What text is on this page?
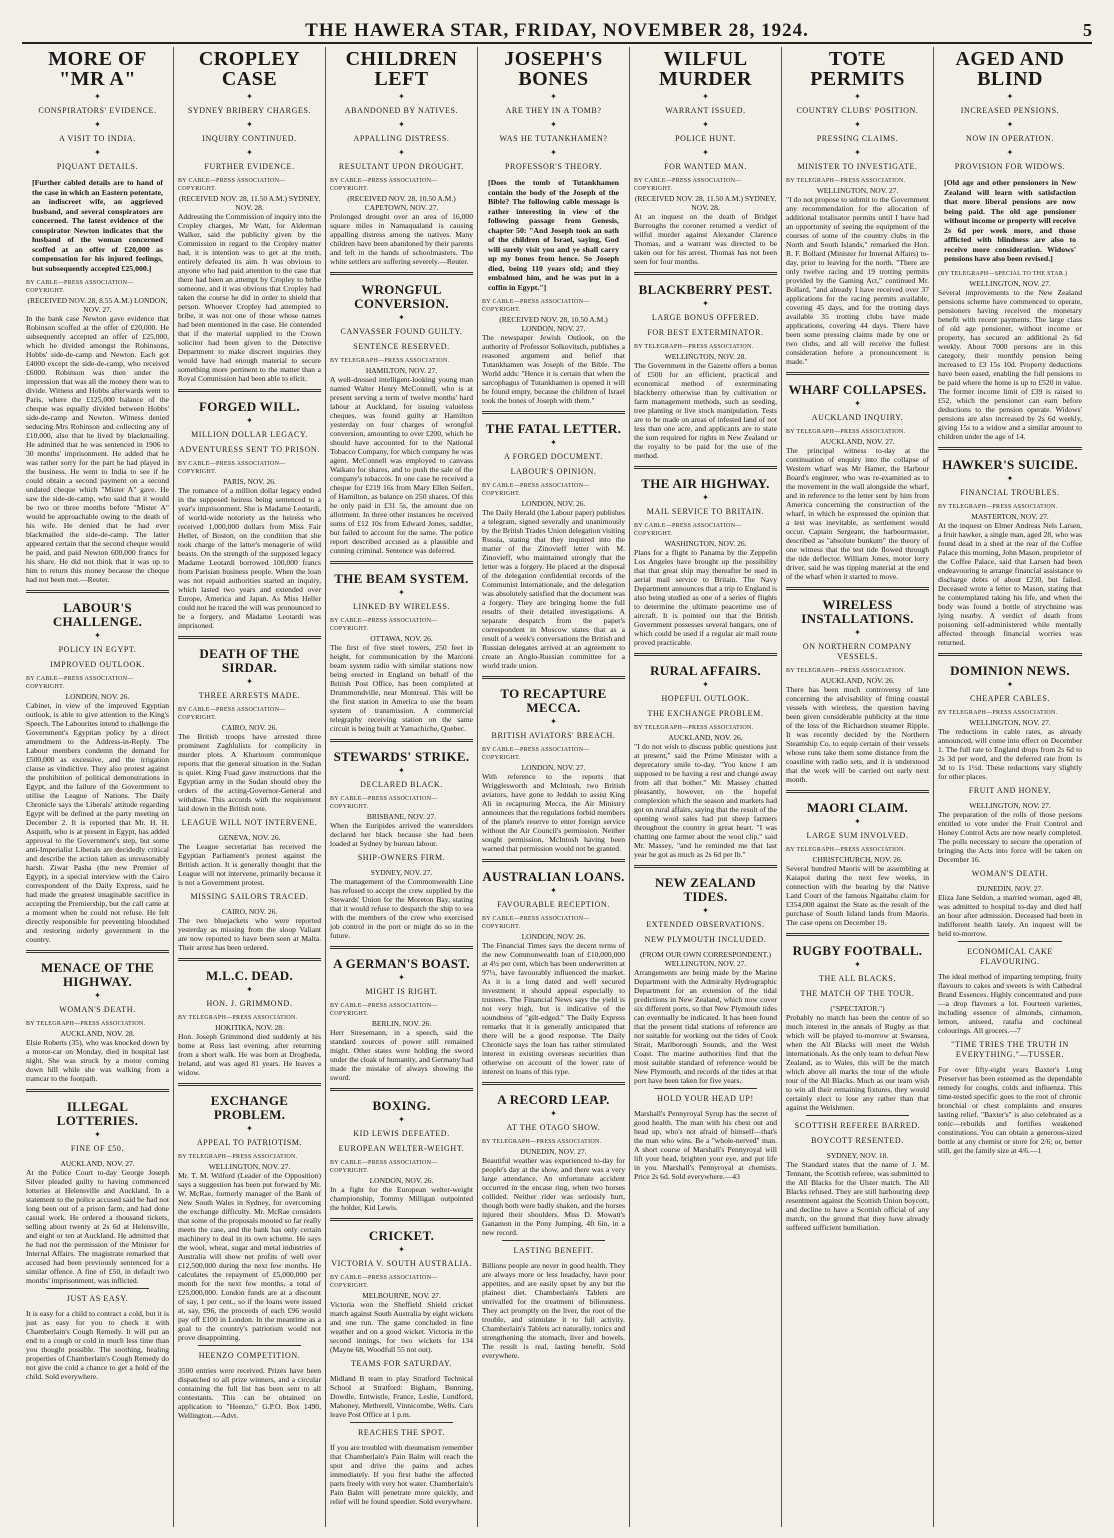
THE HAWERA STAR, FRIDAY, NOVEMBER 28, 1924.	5
MORE OF "MR A"
✦
CONSPIRATORS' EVIDENCE.
✦
A VISIT TO INDIA.
✦
PIQUANT DETAILS.
[Further cabled details are to hand of the case in which an Eastern potentate, an indiscreet wife, an aggrieved husband, and several conspirators are concerned. The latest evidence of the conspirator Newton indicates that the husband of the woman concerned scoffed at an offer of £20,000 as compensation for his injured feelings, but subsequently accepted £25,000.]
BY CABLE—PRESS ASSOCIATION—COPYRIGHT.
(RECEIVED NOV. 28, 8.55 A.M.) LONDON, NOV. 27.

In the bank case Newton gave evidence that Robinson scoffed at the offer of £20,000. He subsequently accepted an offer of £25,000, which he divided amongst the Robinsons, Hobbs' side-de-camp and Newton. Each got £4000 except the side-de-camp, who received £6000. Robinson was then under the impression that was all the money there was to divide. Witness and Hobbs afterwards went to Paris, where the £125,000 balance of the cheque was equally divided between Hobbs' side-de-camp and Newton. Witness denied seducing Mrs Robinson and collecting any of £10,000, also that he lived by blackmailing. He admitted that he was sentenced in 1906 to 30 months' imprisonment. He added that he was rather sorry for the part he had played in the business. He went to India to see if he could obtain a second payment on a second undated cheque which "Mister A" gave. He saw the side-de-camp, who said that it would be two or three months before "Mister A" would be approachable owing to the death of his wife. He denied that he had ever blackmailed the side-de-camp. The latter appeared certain that the second cheque would be paid, and paid Newton 600,000 francs for his share. He did not think that it was up to him to return this money because the cheque had not been met.—Reuter.

LABOUR'S CHALLENGE.
✦
POLICY IN EGYPT.
IMPROVED OUTLOOK.
BY CABLE—PRESS ASSOCIATION—COPYRIGHT.
LONDON, NOV. 26.

Cabinet, in view of the improved Egyptian outlook, is able to give attention to the King's Speech. The Labourites intend to challenge the Government's Egyptian policy by a direct amendment to the Address-in-Reply. The Labour members condemn the demand for £500,000 as excessive, and the irrigation clause as vindictive. They also protest against the prohibition of political demonstrations in Egypt, and the failure of the Government to utilise the League of Nations. The Daily Chronicle says the Liberals' attitude regarding Egypt will be defined at the party meeting on December 2. It is reported that Mr. H. H. Asquith, who is at present in Egypt, has added approval to the Government's step, but some anti-Imperialist Liberals are decidedly critical and describe the action taken as unreasonably harsh. Ziwar Pasha (the new Premier of Egypt), in a special interview with the Cairo correspondent of the Daily Express, said he had made the greatest imaginable sacrifice in accepting the Premiership, but the call came at a moment when he could not refuse. He felt directly responsible for preventing bloodshed and restoring orderly government in the country.

MENACE OF THE HIGHWAY.
✦
WOMAN'S DEATH.
BY TELEGRAPH—PRESS ASSOCIATION.
AUCKLAND, NOV. 28.

Elsie Roberts (35), who was knocked down by a motor-car on Monday, died in hospital last night. She was struck by a motor coming down hill while she was walking from a tramcar to the footpath.

ILLEGAL LOTTERIES.
✦
FINE OF £50.
AUCKLAND, NOV. 27.

At the Police Court to-day George Joseph Silver pleaded guilty to having commenced lotteries at Helensville and Auckland. In a statement to the police accused said he had not long been out of a prison farm, and had done casual work. He ordered a thousand tickets, selling about twenty at 2s 6d at Helensville, and eight or ten at Auckland. He admitted that he had not the permission of the Minister for Internal Affairs. The magistrate remarked that accused had been previously sentenced for a similar offence. A fine of £50, in default two months' imprisonment, was inflicted.

JUST AS EASY.

It is easy for a child to contract a cold, but it is just as easy for you to check it with Chamberlain's Cough Remedy. It will put an end to a cough or cold in much less time than you thought possible. The soothing, healing properties of Chamberlain's Cough Remedy do not give the cold a chance to get a hold of the child. Sold everywhere.

CROPLEY CASE
✦
SYDNEY BRIBERY CHARGES.
✦
INQUIRY CONTINUED.
✦
FURTHER EVIDENCE.
BY CABLE—PRESS ASSOCIATION—COPYRIGHT.
(RECEIVED NOV. 28, 11.50 A.M.) SYDNEY, NOV. 28.

Addressing the Commission of inquiry into the Cropley charges, Mr Watt, for Alderman Walker, said the publicity given by the Commission in regard to the Cropley matter had, it is intention was to get at the truth, entirely defeated its aim. It was obvious to anyone who had paid attention to the case that there had been an attempt by Cropley to bribe someone, and it was obvious that Cropley had taken the course he did in order to shield that person. Whoever Cropley had attempted to bribe, it was not one of those whose names had been mentioned in the case. He contended that if the material supplied to the Crown solicitor had been given to the Detective Department to make discreet inquiries they would have had enough material to secure something more pertinent to the matter than a Royal Commission had been able to elicit.

FORGED WILL.
✦
MILLION DOLLAR LEGACY.
ADVENTURESS SENT TO PRISON.
BY CABLE—PRESS ASSOCIATION—COPYRIGHT.
PARIS, NOV. 26.

The romance of a million dollar legacy ended in the supposed heiress being sentenced to a year's imprisonment. She is Madame Leotardi, of world-wide notoriety as the heiress who received 1,000,000 dollars from Miss Fair Heller, of Boston, on the condition that she took charge of the latter's menagerie of wild beasts. On the strength of the supposed legacy Madame Leotardi borrowed 100,000 francs from Parisian business people. When the loan was not repaid authorities started an inquiry, which lasted two years and extended over Europe, America and Japan. As Miss Heller could not be traced the will was pronounced to be a forgery, and Madame Leotardi was imprisoned.

DEATH OF THE SIRDAR.
✦
THREE ARRESTS MADE.
BY CABLE—PRESS ASSOCIATION—COPYRIGHT.
CAIRO, NOV. 26.

The British troops have arrested three prominent Zaghlulists for complicity in murder plots. A Khartoum communique reports that the general situation in the Sudan is quiet. King Fuad gave instructions that the Egyptian army in the Sudan should obey the orders of the acting-Governor-General and withdraw. This accords with the requirement laid down in the British note.

LEAGUE WILL NOT INTERVENE.
GENEVA, NOV. 26.

The League secretariat has received the Egyptian Parliament's protest against the British action. It is generally thought that the League will not intervene, primarily because it is not a Government protest.

MISSING SAILORS TRACED.
CAIRO, NOV. 26.

The two bluejackets who were reported yesterday as missing from the sloop Valiant are now reported to have been seen at Malta. Their arrest has been ordered.

M.L.C. DEAD.
✦
HON. J. GRIMMOND.
BY TELEGRAPH—PRESS ASSOCIATION.
HOKITIKA, NOV. 28.

Hon. Joseph Grimmond died suddenly at his home at Ross last evening, after returning from a short walk. He was born at Drogheda, Ireland, and was aged 81 years. He leaves a widow.

EXCHANGE PROBLEM.
✦
APPEAL TO PATRIOTISM.
BY TELEGRAPH—PRESS ASSOCIATION.
WELLINGTON, NOV. 27.

Mr. T. M. Wilford (Leader of the Opposition) says a suggestion has been put forward by Mr. W. McRae, formerly manager of the Bank of New South Wales in Sydney, for overcoming the exchange difficulty. Mr. McRae considers that some of the proposals mooted so far really meets the case, and the bank has only certain machinery to deal in its own scheme. He says the wool, wheat, sugar and metal industries of Australia will show net profits of well over £12,500,000 during the next few months. He calculates the repayment of £5,000,000 per month for the next few months, a total of £25,000,000. London funds are at a discount of say, 1 per cent., so if the loans were issued at, say, £96, the proceeds of each £96 would pay off £100 in London. In the meantime as a goal to the country's patriotism would not prove disappointing.

HEENZO COMPETITION.

3500 entries were received. Prizes have been dispatched to all prize winners, and a circular containing the full list has been sent to all contestants. This can be obtained on application to "Heenzo," G.P.O. Box 1490, Wellington.—Advt.

CHILDREN LEFT
✦
ABANDONED BY NATIVES.
✦
APPALLING DISTRESS.
✦
RESULTANT UPON DROUGHT.
BY CABLE—PRESS ASSOCIATION—COPYRIGHT.
(RECEIVED NOV. 28, 10.50 A.M.) CAPETOWN, NOV. 27.

Prolonged drought over an area of 16,000 square miles in Namaqualand is causing appalling distress among the natives. Many children have been abandoned by their parents and left in the hands of schoolmasters. The white settlers are suffering severely.—Reuter.

WRONGFUL CONVERSION.
✦
CANVASSER FOUND GUILTY.
SENTENCE RESERVED.
BY TELEGRAPH—PRESS ASSOCIATION.
HAMILTON, NOV. 27.

A well-dressed intelligent-looking young man named Walter Henry McConnell, who is at present serving a term of twelve months' hard labour at Auckland, for issuing valueless cheques, was found guilty at Hamilton yesterday on four charges of wrongful conversion, amounting to over £200, which he should have accounted for to the National Tobacco Company, for which company he was agent. McConnell was employed to canvass Waikato for shares, and to push the sale of the company's tobaccos. In one case he received a cheque for £219 16s from Mary Ellen Seifert, of Hamilton, as balance on 250 shares. Of this he only paid in £31 5s, the amount due on allotment. In three other instances he received sums of £12 10s from Edward Jones, saddler, but failed to account for the same. The police report described accused as a plausible and cunning criminal. Sentence was deferred.

THE BEAM SYSTEM.
✦
LINKED BY WIRELESS.
BY CABLE—PRESS ASSOCIATION—COPYRIGHT.
OTTAWA, NOV. 26.

The first of five steel towers, 250 feet in height, for communication by the Marconi beam system radio with similar stations now being erected in England on behalf of the British Post Office, has been completed at Drummondville, near Montreal. This will be the first station in America to use the beam system of transmission. A commercial telegraphy receiving station on the same circuit is being built at Yamachiche, Quebec.

STEWARDS' STRIKE.
✦
DECLARED BLACK.
BY CABLE—PRESS ASSOCIATION—COPYRIGHT.
BRISBANE, NOV. 27.

When the Euripides arrived the waterslders declared her black because she had been loaded at Sydney by bureau labour.

SHIP-OWNERS FIRM.
SYDNEY, NOV. 27.

The management of the Commonwealth Line has refused to accept the crew supplied by the Stewards' Union for the Moreton Bay, stating that it would refuse to despatch the ship to sea with the members of the crew who exercised job control in the port or might do so in the future.

A GERMAN'S BOAST.
✦
MIGHT IS RIGHT.
BY CABLE—PRESS ASSOCIATION—COPYRIGHT.
BERLIN, NOV. 26.

Herr Stresemann, in a speech, said the standard sources of power still remained might. Other states were holding the sword under the cloak of humanity, and Germany had made the mistake of always showing the sword.

BOXING.
✦
KID LEWIS DEFEATED.
EUROPEAN WELTER-WEIGHT.
BY CABLE—PRESS ASSOCIATION—COPYRIGHT.
LONDON, NOV. 26.

In a fight for the European welter-weight championship, Tommy Milligan outpointed the holder, Kid Lewis.

CRICKET.
✦
VICTORIA V. SOUTH AUSTRALIA.
BY CABLE—PRESS ASSOCIATION—COPYRIGHT.
MELBOURNE, NOV. 27.

Victoria won the Sheffield Shield cricket match against South Australia by eight wickets and one run. The game concluded in fine weather and on a good wicket. Victoria in the second innings, for two wickets for 134 (Mayne 68, Woodfull 55 not out).

TEAMS FOR SATURDAY.

Midland B team to play Stratford Technical School at Stratford: Bigham, Bunning, Dowdle, Entwistle, France, Leslie, Lundford, Mahoney, Metherell, Vinnicombe, Wells. Cars leave Post Office at 1 p.m.

REACHES THE SPOT.

If you are troubled with rheumatism remember that Chamberlain's Pain Balm will reach the spot and drive the pains and aches immediately. If you first bathe the affected parts freely with very hot water. Chamberlain's Pain Balm will penetrate more quickly, and relief will be found speedier. Sold everywhere.

JOSEPH'S BONES
✦
ARE THEY IN A TOMB?
✦
WAS HE TUTANKHAMEN?
✦
PROFESSOR'S THEORY.
[Does the tomb of Tutankhamen contain the body of the Joseph of the Bible? The following cable message is rather interesting in view of the following passage from Genesis, chapter 50: "And Joseph took an oath of the children of Israel, saying, God will surely visit you and ye shall carry up my bones from hence. So Joseph died, being 110 years old; and they embalmed him, and he was put in a coffin in Egypt."]
BY CABLE—PRESS ASSOCIATION—COPYRIGHT.
(RECEIVED NOV. 28, 10.50 A.M.) LONDON, NOV. 27.

The newspaper Jewish Outlook, on the authority of Professor Solkovitsch, publishes a reasoned argument and belief that Tutankhamen was Joseph of the Bible. The World adds: "Hence it is certain that when the sarcophagus of Tutankhamen is opened it will be found empty, because the children of Israel took the bones of Joseph with them."

THE FATAL LETTER.
✦
A FORGED DOCUMENT.
LABOUR'S OPINION.
BY CABLE—PRESS ASSOCIATION—COPYRIGHT.
LONDON, NOV. 26.

The Daily Herald (the Labour paper) publishes a telegram, signed severally and unanimously by the British Trades Union delegation visiting Russia, stating that they inquired into the matter of the Zinovieff letter with M. Zinovieff, who maintained strongly that the letter was a forgery. He placed at the disposal of the delegation confidential records of the Communist Internationale, and the delegation was absolutely satisfied that the document was a forgery. They are bringing home the full results of their detailed investigations. A separate despatch from the paper's correspondent in Moscow states that as a result of a week's conversations the British and Russian delegates arrived at an agreement to create an Anglo-Russian committee for a world trade union.

TO RECAPTURE MECCA.
✦
BRITISH AVIATORS' BREACH.
BY CABLE—PRESS ASSOCIATION—COPYRIGHT.
LONDON, NOV. 27.

With reference to the reports that Wrigglesworth and McIntosh, two British aviators, have gone to Jeddah to assist King Ali in recapturing Mecca, the Air Ministry announces that the regulations forbid members of the plane's reserve to enter foreign service without the Air Council's permission. Neither sought permission, McIntosh having been warned that permission would not be granted.

AUSTRALIAN LOANS.
✦
FAVOURABLE RECEPTION.
BY CABLE—PRESS ASSOCIATION—COPYRIGHT.
LONDON, NOV. 26.

The Financial Times says the decent terms of the new Commonwealth loan of £10,000,000 at 4½ per cent, which has been underwritten at 97½, have favourably influenced the market. As it is a long dated and well secured investment it should appeal especially to trustees. The Financial News says the yield is not very high, but is indicative of the soundness of "gilt-edged." The Daily Express remarks that it is generally anticipated that there will be a good response. The Daily Chronicle says the loan has rather stimulated interest in existing overseas securities than otherwise on account of the lower rate of interest on loans of this type.

A RECORD LEAP.
✦
AT THE OTAGO SHOW.
BY TELEGRAPH—PRESS ASSOCIATION.
DUNEDIN, NOV. 27.

Beautiful weather was experienced to-day for people's day at the show, and there was a very large attendance. An unfortunate accident occurred in the encase ring, when two horses collided. Neither rider was seriously hurt, though both were badly shaken, and the horses injured their shoulders. Miss D. Mowatt's Ganamon in the Pony Jumping, 4ft 6in, in a new record.

LASTING BENEFIT.

Billions people are never in good health. They are always more or less headachy, have poor appetites, and are easily upset by any but the plainest diet. Chamberlain's Tablets are unrivalled for the treatment of biliousness. They act promptly on the liver, the root of the trouble, and stimulate it to full activity. Chamberlain's Tablets act naturally, tonics and strengthening the stomach, liver and bowels. The result is real, lasting benefit. Sold everywhere.

WILFUL MURDER
✦
WARRANT ISSUED.
✦
POLICE HUNT.
✦
FOR WANTED MAN.
BY CABLE—PRESS ASSOCIATION—COPYRIGHT.
(RECEIVED NOV. 28, 11.50 A.M.) SYDNEY, NOV. 28.

At an inquest on the death of Bridget Burroughs the coroner returned a verdict of wilful murder against Alexander Clarence Thomas, and a warrant was directed to be taken out for his arrest. Thomas has not been seen for four months.

BLACKBERRY PEST.
✦
LARGE BONUS OFFERED.
FOR BEST EXTERMINATOR.
BY TELEGRAPH—PRESS ASSOCIATION.
WELLINGTON, NOV. 28.

The Government in the Gazette offers a bonus of £500 for an efficient, practical and economical method of exterminating blackberry otherwise than by cultivation or farm management methods, such as seeding, tree planting or live stock manipulation. Tests are to be made on areas of infested land of not less than one acre, and applicants are to state the sum required for rights in New Zealand or the royalty to be paid for the use of the method.

THE AIR HIGHWAY.
✦
MAIL SERVICE TO BRITAIN.
BY CABLE—PRESS ASSOCIATION—COPYRIGHT.
WASHINGTON, NOV. 26.

Plans for a flight to Panama by the Zeppelin Los Angeles have brought up the possibility that that great ship may thereafter be used in aerial mail service to Britain. The Navy Department announces that a trip to England is also being studied as one of a series of flights to determine the ultimate peacetime use of aircraft. It is pointed out that the British Government possesses several hangars, one of which could be used if a regular air mail route proved practicable.

RURAL AFFAIRS.
✦
HOPEFUL OUTLOOK.
THE EXCHANGE PROBLEM.
BY TELEGRAPH—PRESS ASSOCIATION.
AUCKLAND, NOV. 26.

"I do not wish to discuss public questions just at present," said the Prime Minister with a deprecatory smile to-day. "You know I am supposed to be having a rest and change away from all that bother." Mr. Massey chatted pleasantly, however, on the hopeful complexion which the season and markets had got on rural affairs, saying that the result of the opening wool sales had put sheep farmers throughout the country in great heart. "I was chatting one farmer about the wool clip," said Mr. Massey, "and he reminded me that last year he got as much as 2s 6d per lb."

NEW ZEALAND TIDES.
✦
EXTENDED OBSERVATIONS.
NEW PLYMOUTH INCLUDED.
(FROM OUR OWN CORRESPONDENT.) WELLINGTON, NOV. 27.

Arrangements are being made by the Marine Department with the Admiralty Hydrographic Department for an extension of the tidal predictions in New Zealand, which now cover six different ports, so that New Plymouth tides can eventually be indicated. It has been found that the present tidal stations of reference are not suitable for working out the tides of Cook Strait, Marlborough Sounds, and the West Coast. The marine authorities find that the most suitable standard of reference would be New Plymouth, and records of the tides at that port have been taken for five years.

HOLD YOUR HEAD UP!

Marshall's Pennyroyal Syrup has the secret of good health. The man with his chest out and head up, who's not afraid of himself—that's the man who wins. Be a "whole-nerved" man. A short course of Marshall's Pennyroyal will lift your head, brighten your eye, and put life in you. Marshall's Pennyroyal at chemists. Price 2s 6d. Sold everywhere.—43

TOTE PERMITS
✦
COUNTRY CLUBS' POSITION.
✦
PRESSING CLAIMS.
✦
MINISTER TO INVESTIGATE.
BY TELEGRAPH—PRESS ASSOCIATION.
WELLINGTON, NOV. 27.

"I do not propose to submit to the Government any recommendation for the allocation of additional totalisator permits until I have had an opportunity of seeing the equipment of the courses of some of the country clubs in the North and South Islands," remarked the Hon. R. F. Bollard (Minister for Internal Affairs) to-day, prior to leaving for the north. "There are only twelve racing and 19 trotting permits provided by the Gaming Act," continued Mr. Bollard, "and already I have received over 37 applications for the racing permits available, covering 45 days, and for the trotting days available 35 trotting clubs have made applications, covering 44 days. There have been some pressing claims made by one or two clubs, and all will receive the fullest consideration before a pronouncement is made."

WHARF COLLAPSES.
✦
AUCKLAND INQUIRY.
BY TELEGRAPH—PRESS ASSOCIATION.
AUCKLAND, NOV. 27.

The principal witness to-day at the continuation of enquiry into the collapse of Western wharf was Mr Hamer, the Harbour Board's engineer, who was re-examined as to the movement in the wall alongside the wharf, and in reference to the letter sent by him from America concerning the construction of the wharf, in which he expressed the opinion that a test was inevitable, as settlement would occur. Captain Sergeant, the harbourmaster, described as "absolute bunkum" the theory of one witness that the test tide flowed through the tide deflector. William Jones, motor lorry driver, said he was tipping material at the end of the wharf when it started to move.

WIRELESS INSTALLATIONS.
✦
ON NORTHERN COMPANY VESSELS.
BY TELEGRAPH—PRESS ASSOCIATION.
AUCKLAND, NOV. 26.

There has been much controversy of late concerning the advisability of fitting coastal vessels with wireless, the question having been given considerable publicity at the time of the loss of the Richardson steamer Ripple. It was recently decided by the Northern Steamship Co. to equip certain of their vessels whose runs take them some distance from the coastline with radio sets, and it is understood that the work will be carried out early next month.

MAORI CLAIM.
✦
LARGE SUM INVOLVED.
BY TELEGRAPH—PRESS ASSOCIATION.
CHRISTCHURCH, NOV. 26.

Several hundred Maoris will be assembling at Kaiapoi during the next few weeks, in connection with the hearing by the Native Land Court of the famous Ngaitahu claim for £354,000 against the State as the result of the purchase of South Island lands from Maoris. The case opens on December 19.

RUGBY FOOTBALL.
✦
THE ALL BLACKS.
THE MATCH OF THE TOUR.
("SPECTATOR.")

Probably no match has been the centre of so much interest in the annals of Rugby as that which will be played to-morrow at Swansea, when the All Blacks will meet the Welsh internationals. As the only team to defeat New Zealand, as to Wales, this will be the match which above all marks the tour of the whole tour of the All Blacks. Much as our team wish to win all their remaining fixtures, they would certainly elect to lose any rather than that against the Welshmen.

SCOTTISH REFEREE BARRED.
BOYCOTT RESENTED.
SYDNEY, NOV. 18.

The Standard states that the name of J. M. Tennant, the Scottish referee, was submitted to the All Blacks for the Ulster match. The All Blacks refused. They are still harbouring deep resentment against the Scottish Union boycott, and decline to have a Scottish official of any match, on the ground that they have already suffered sufficient humiliation.

AGED AND BLIND
✦
INCREASED PENSIONS.
✦
NOW IN OPERATION.
✦
PROVISION FOR WIDOWS.
[Old age and other pensioners in New Zealand will learn with satisfaction that more liberal pensions are now being paid. The old age pensioner without income or property will receive 2s 6d per week more, and those afflicted with blindness are also to receive more consideration. Widows' pensions have also been revised.]
(BY TELEGRAPH—SPECIAL TO THE STAR.)
WELLINGTON, NOV. 27.

Several improvements to the New Zealand pensions scheme have commenced to operate, pensioners having received the monetary benefit with recent payments. The large class of old age pensioner, without income or property, has secured an additional 2s 6d weekly. About 7000 persons are in this category, their monthly pension being increased to £3 15s 10d. Property deductions have been eased, enabling the full pensions to be paid where the home is up to £520 in value. The former income limit of £39 is raised to £52, which the pensioner can earn before deductions to the pension operate. Widows' pensions are also increased by 2s 6d weekly, giving 15s to a widow and a similar amount to children under the age of 14.

HAWKER'S SUICIDE.
✦
FINANCIAL TROUBLES.
BY TELEGRAPH—PRESS ASSOCIATION.
MASTERTON, NOV. 27.

At the inquest on Elmer Andreas Nels Larsen, a fruit hawker, a single man, aged 28, who was found dead in a shed at the rear of the Coffee Palace this morning, John Mason, proprietor of the Coffee Palace, said that Larsen had been endeavouring to arrange financial assistance to discharge debts of about £230, but failed. Deceased wrote a letter to Mason, stating that he contemplated taking his life, and when the body was found a bottle of strychnine was lying nearby. A verdict of death from poisoning self-administered while mentally affected through financial worries was returned.

DOMINION NEWS.
✦
CHEAPER CABLES.
BY TELEGRAPH—PRESS ASSOCIATION.
WELLINGTON, NOV. 27.

The reductions in cable rates, as already announced, will come into effect on December 1. The full rate to England drops from 2s 6d to 2s 3d per word, and the deferred rate from 1s 3d to 1s 1½d. These reductions vary slightly for other places.

FRUIT AND HONEY.
WELLINGTON, NOV. 27.

The preparation of the rolls of those persons entitled to vote under the Fruit Control and Honey Control Acts are now nearly completed. The polls necessary to secure the operation of bringing the Acts into force will be taken on December 16.

WOMAN'S DEATH.
DUNEDIN, NOV. 27.

Eliza Jane Seldon, a married woman, aged 48, was admitted to hospital to-day and died half an hour after admission. Deceased had been in indifferent health lately. An inquest will be held to-morrow.

ECONOMICAL CAKE FLAVOURING.

The ideal method of imparting tempting, fruity flavours to cakes and sweets is with Cathedral Brand Essences. Highly concentrated and pure—a drop flavours a lot. Fourteen varieties, including essence of almonds, cinnamon, lemon, aniseed, ratafia and cochineal colourings. All grocers.—7

"TIME TRIES THE TRUTH IN EVERYTHING."—TUSSER.

For over fifty-eight years Baxter's Lung Preserver has been esteemed as the dependable remedy for coughs, colds and influenza. This time-tested specific goes to the root of chronic bronchial or chest complaints and ensures lasting relief. "Baxter's" is also celebrated as a tonic—rebuilds and fortifies weakened constitutions. You can obtain a generous-sized bottle at any chemist or store for 2/6; or, better still, get the family size at 4/6.—1
